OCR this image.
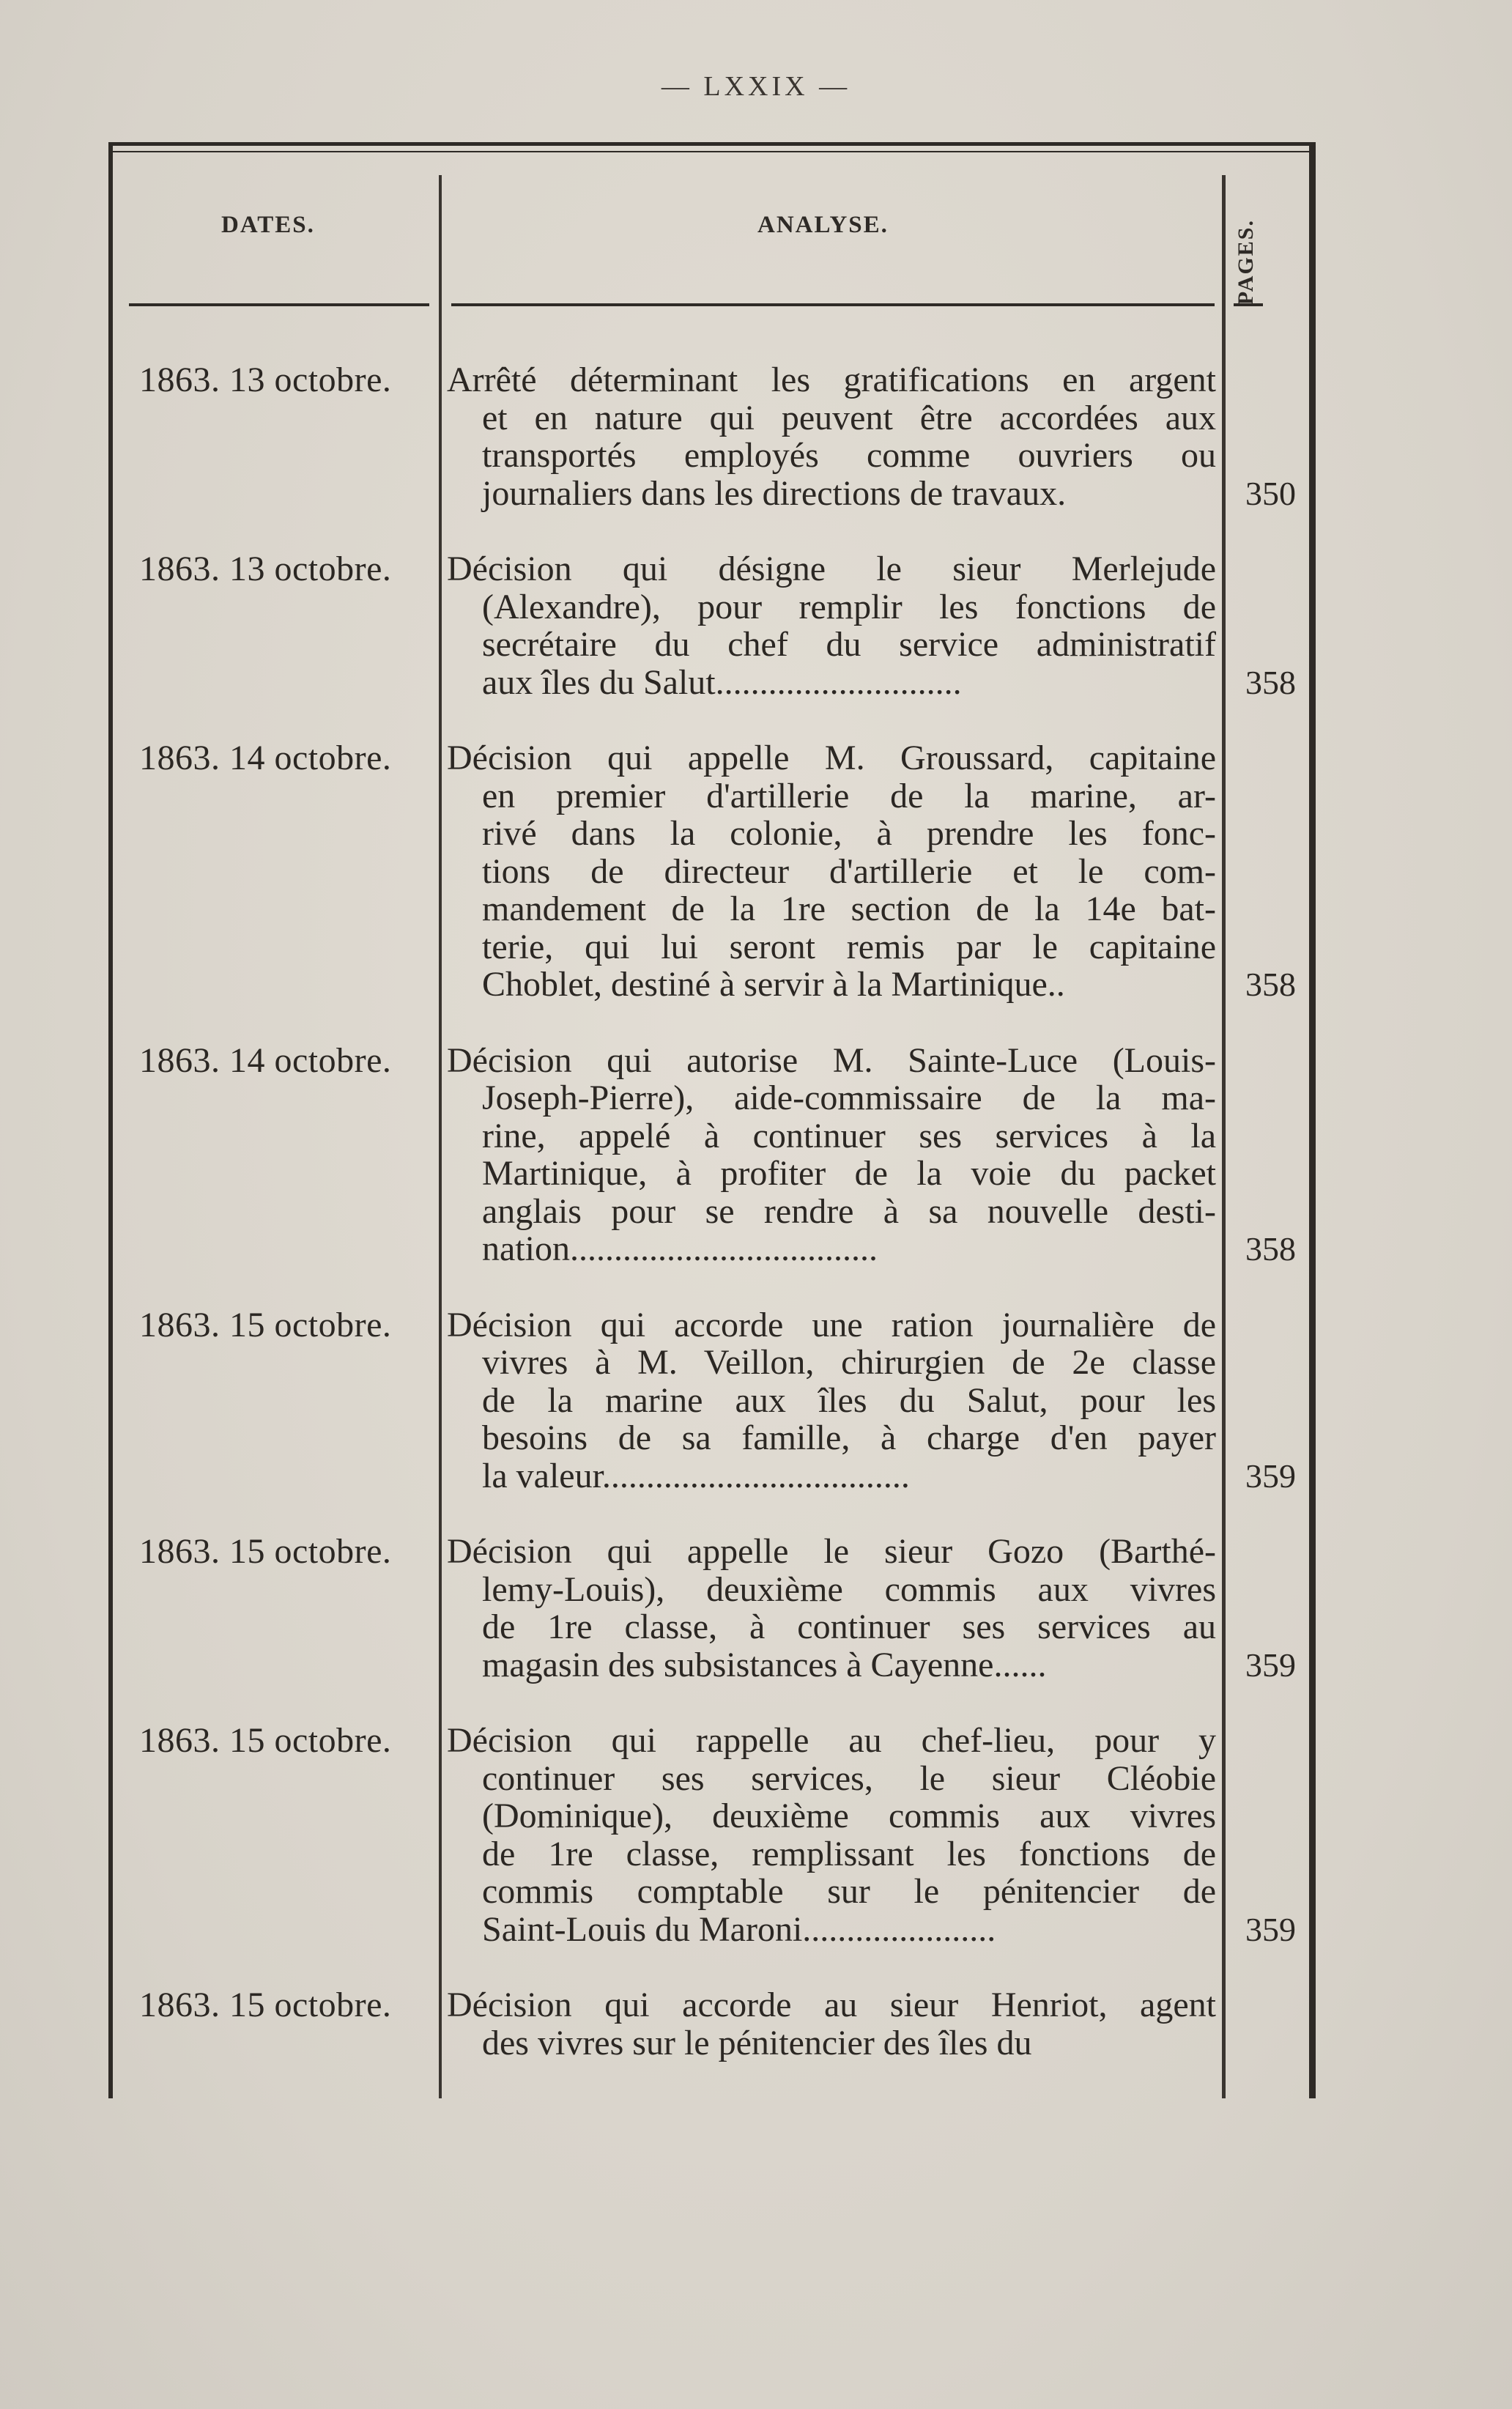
— LXXIX —
DATES.	ANALYSE.	PAGES.
1863. 13 octobre.	Arrêté déterminant les gratifications en argent
et en nature qui peuvent être accordées aux
transportés employés comme ouvriers ou
journaliers dans les directions de travaux.	350
1863. 13 octobre.	Décision qui désigne le sieur Merlejude
(Alexandre), pour remplir les fonctions de
secrétaire du chef du service administratif
aux îles du Salut............................	358
1863. 14 octobre.	Décision qui appelle M. Groussard, capitaine
en premier d'artillerie de la marine, ar-
rivé dans la colonie, à prendre les fonc-
tions de directeur d'artillerie et le com-
mandement de la 1re section de la 14e bat-
terie, qui lui seront remis par le capitaine
Choblet, destiné à servir à la Martinique..	358
1863. 14 octobre.	Décision qui autorise M. Sainte-Luce (Louis-
Joseph-Pierre), aide-commissaire de la ma-
rine, appelé à continuer ses services à la
Martinique, à profiter de la voie du packet
anglais pour se rendre à sa nouvelle desti-
nation...................................	358
1863. 15 octobre.	Décision qui accorde une ration journalière de
vivres à M. Veillon, chirurgien de 2e classe
de la marine aux îles du Salut, pour les
besoins de sa famille, à charge d'en payer
la valeur...................................	359
1863. 15 octobre.	Décision qui appelle le sieur Gozo (Barthé-
lemy-Louis), deuxième commis aux vivres
de 1re classe, à continuer ses services au
magasin des subsistances à Cayenne......	359
1863. 15 octobre.	Décision qui rappelle au chef-lieu, pour y
continuer ses services, le sieur Cléobie
(Dominique), deuxième commis aux vivres
de 1re classe, remplissant les fonctions de
commis comptable sur le pénitencier de
Saint-Louis du Maroni......................	359
1863. 15 octobre.	Décision qui accorde au sieur Henriot, agent
des vivres sur le pénitencier des îles du
